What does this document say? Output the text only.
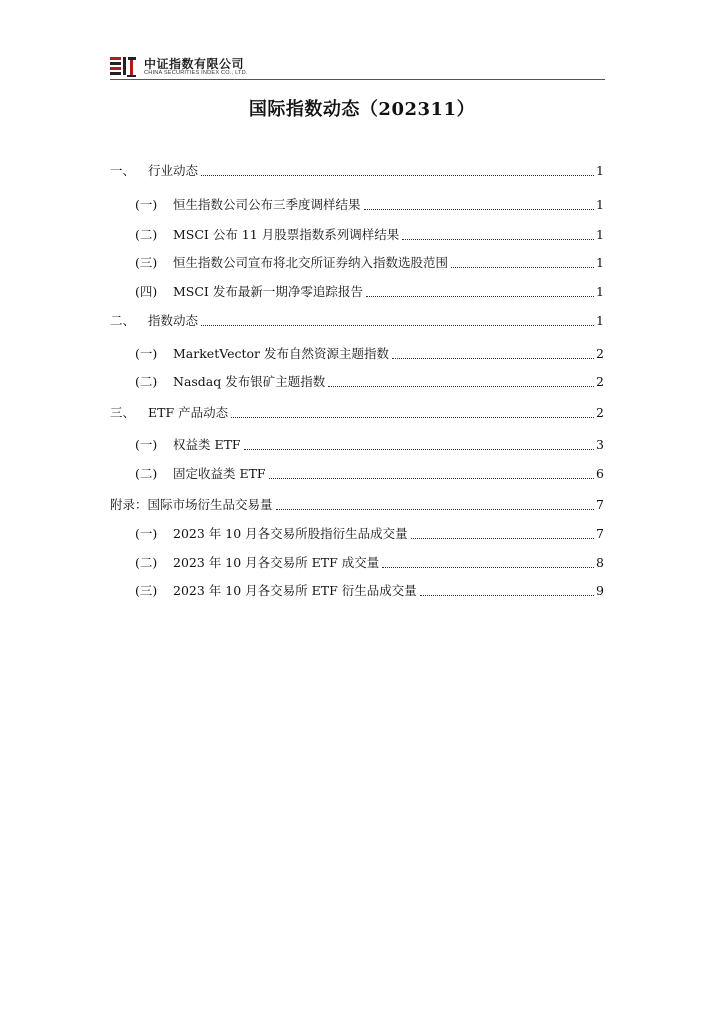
中证指数有限公司
CHINA SECURITIES INDEX CO., LTD.
国际指数动态（202311）
一、	行业动态	1
(一)	恒生指数公司公布三季度调样结果	1
(二)	MSCI 公布 11 月股票指数系列调样结果	1
(三)	恒生指数公司宣布将北交所证券纳入指数选股范围	1
(四)	MSCI 发布最新一期净零追踪报告	1
二、	指数动态	1
(一)	MarketVector 发布自然资源主题指数	2
(二)	Nasdaq 发布银矿主题指数	2
三、	ETF 产品动态	2
(一)	权益类 ETF	3
(二)	固定收益类 ETF	6
附录：国际市场衍生品交易量	7
(一)	2023 年 10 月各交易所股指衍生品成交量	7
(二)	2023 年 10 月各交易所 ETF 成交量	8
(三)	2023 年 10 月各交易所 ETF 衍生品成交量	9
